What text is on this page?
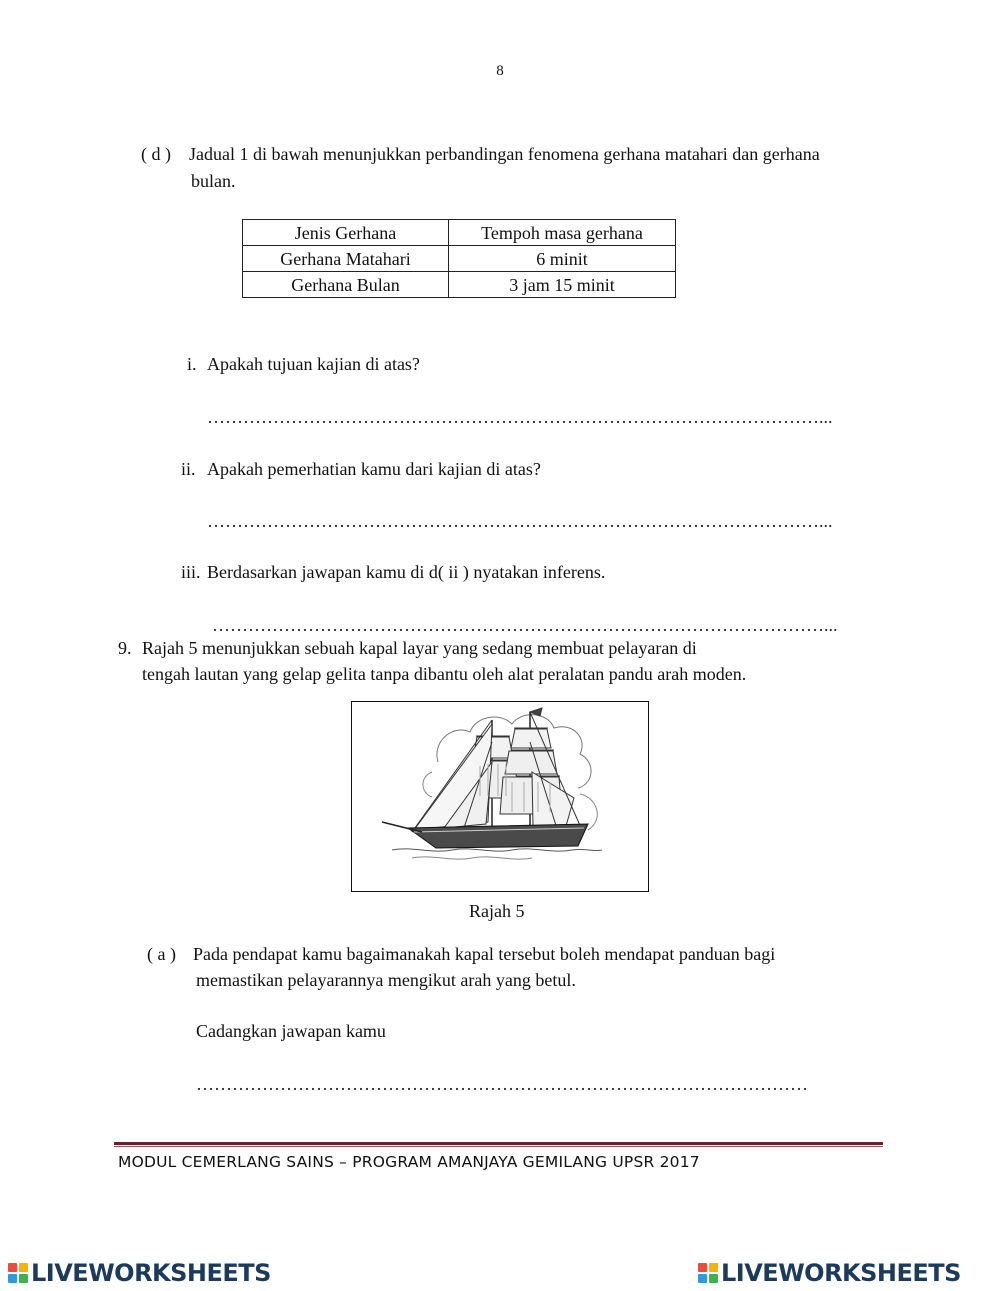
8
( d ) Jadual 1 di bawah menunjukkan perbandingan fenomena gerhana matahari dan gerhana
bulan.
Jenis Gerhana	Tempoh masa gerhana
Gerhana Matahari	6 minit
Gerhana Bulan	3 jam 15 minit
i. Apakah tujuan kajian di atas?
…………………………………………………………………………………………...
ii. Apakah pemerhatian kamu dari kajian di atas?
…………………………………………………………………………………………...
iii. Berdasarkan jawapan kamu di d( ii ) nyatakan inferens.
…………………………………………………………………………………………...
9. Rajah 5 menunjukkan sebuah kapal layar yang sedang membuat pelayaran di
tengah lautan yang gelap gelita tanpa dibantu oleh alat peralatan pandu arah moden.
Rajah 5
( a ) Pada pendapat kamu bagaimanakah kapal tersebut boleh mendapat panduan bagi
memastikan pelayarannya mengikut arah yang betul.
Cadangkan jawapan kamu
…………………………………………………………………………………………
MODUL CEMERLANG SAINS – PROGRAM AMANJAYA GEMILANG UPSR 2017
LIVEWORKSHEETS	LIVEWORKSHEETS
